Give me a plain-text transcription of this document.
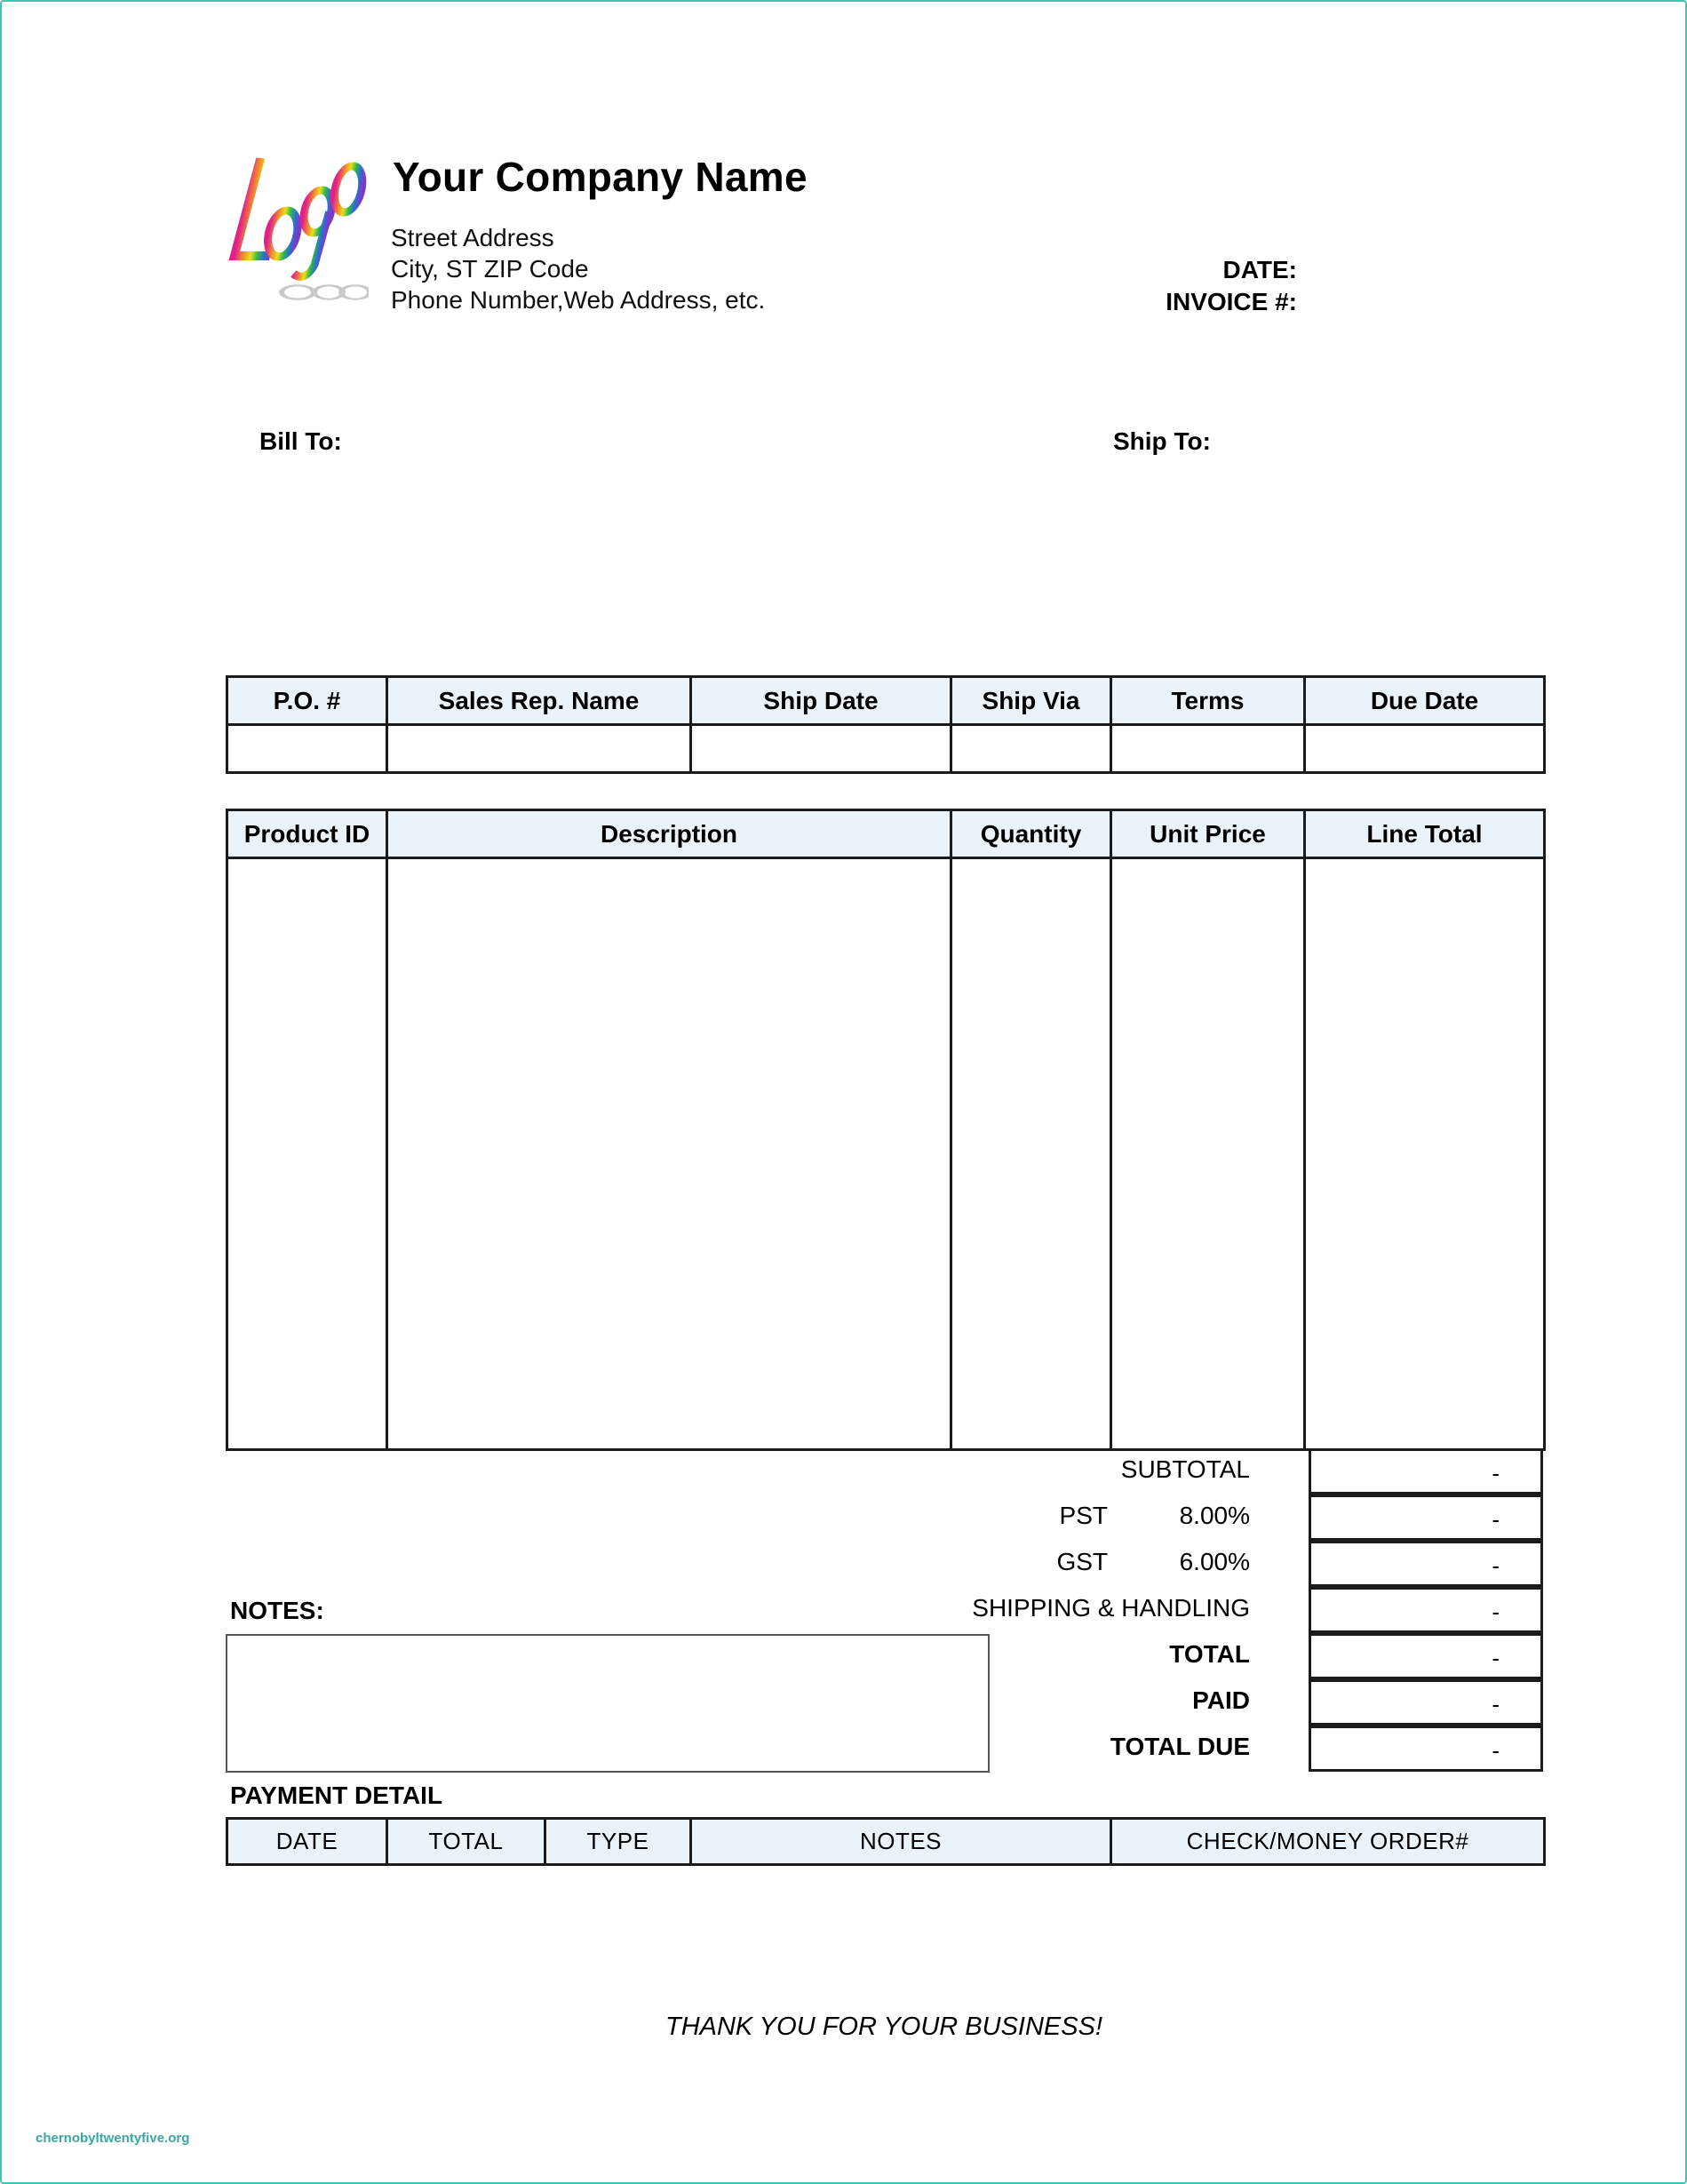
Your Company Name
Street Address
City, ST ZIP Code
Phone Number,Web Address, etc.
DATE:
INVOICE #:
Bill To:	Ship To:
P.O. #	Sales Rep. Name	Ship Date	Ship Via	Terms	Due Date

Product ID	Description	Quantity	Unit Price	Line Total

SUBTOTAL	-
PST	8.00%	-
GST	6.00%	-
SHIPPING & HANDLING	-
TOTAL	-
PAID	-
TOTAL DUE	-
NOTES:
PAYMENT DETAIL
DATE	TOTAL	TYPE	NOTES	CHECK/MONEY ORDER#
THANK YOU FOR YOUR BUSINESS!
chernobyltwentyfive.org
